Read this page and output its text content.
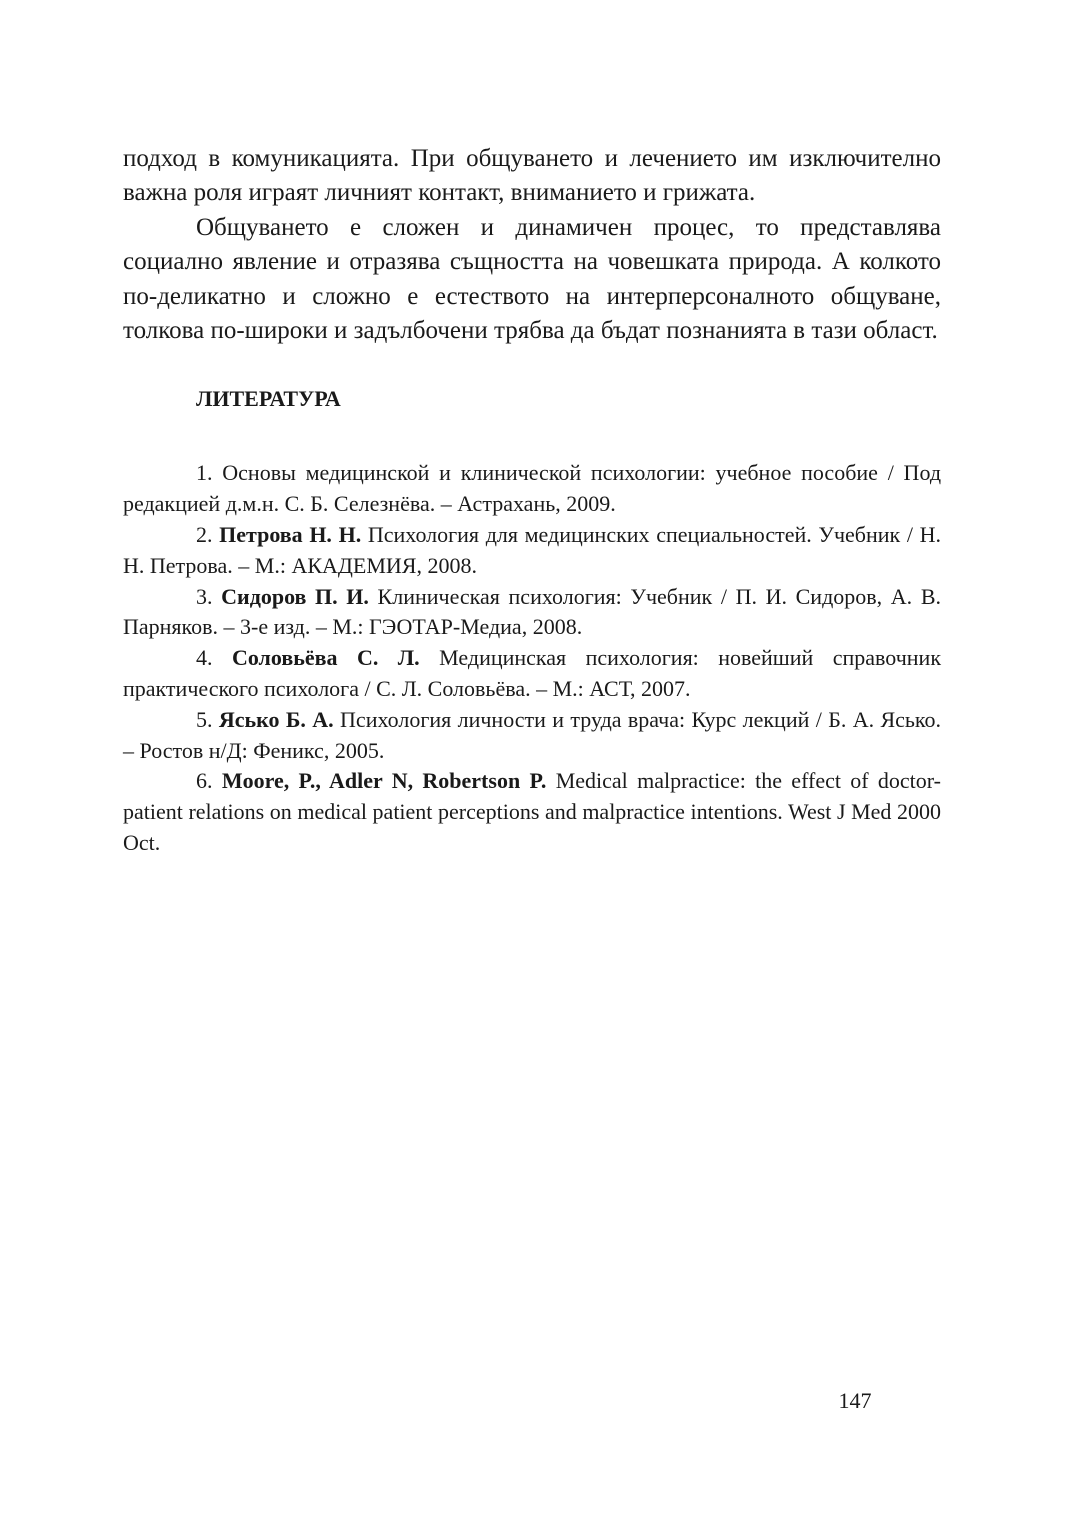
подход в комуникацията. При общуването и лечението им изключително важна роля играят личният контакт, вниманието и грижата.

Общуването е сложен и динамичен процес, то представлява социално явление и отразява същността на човешката природа. А колкото по-деликатно и сложно е естеството на интерперсоналното общуване, толкова по-широки и задълбочени трябва да бъдат познанията в тази област.

ЛИТЕРАТУРА

1. Основы медицинской и клинической психологии: учебное пособие / Под редакцией д.м.н. С. Б. Селезнёва. – Астрахань, 2009.

2. Петрова Н. Н. Психология для медицинских специальностей. Учебник / Н. Н. Петрова. – М.: АКАДЕМИЯ, 2008.

3. Сидоров П. И. Клиническая психология: Учебник / П. И. Сидоров, А. В. Парняков. – 3-е изд. – М.: ГЭОТАР-Медиа, 2008.

4. Соловьёва С. Л. Медицинская психология: новейший справочник практического психолога / С. Л. Соловьёва. – М.: АСТ, 2007.

5. Ясько Б. А. Психология личности и труда врача: Курс лекций / Б. А. Ясько. – Ростов н/Д: Феникс, 2005.

6. Moore, P., Adler N, Robertson P. Medical malpractice: the effect of doctor-patient relations on medical patient perceptions and malpractice intentions. West J Med 2000 Oct.

147
